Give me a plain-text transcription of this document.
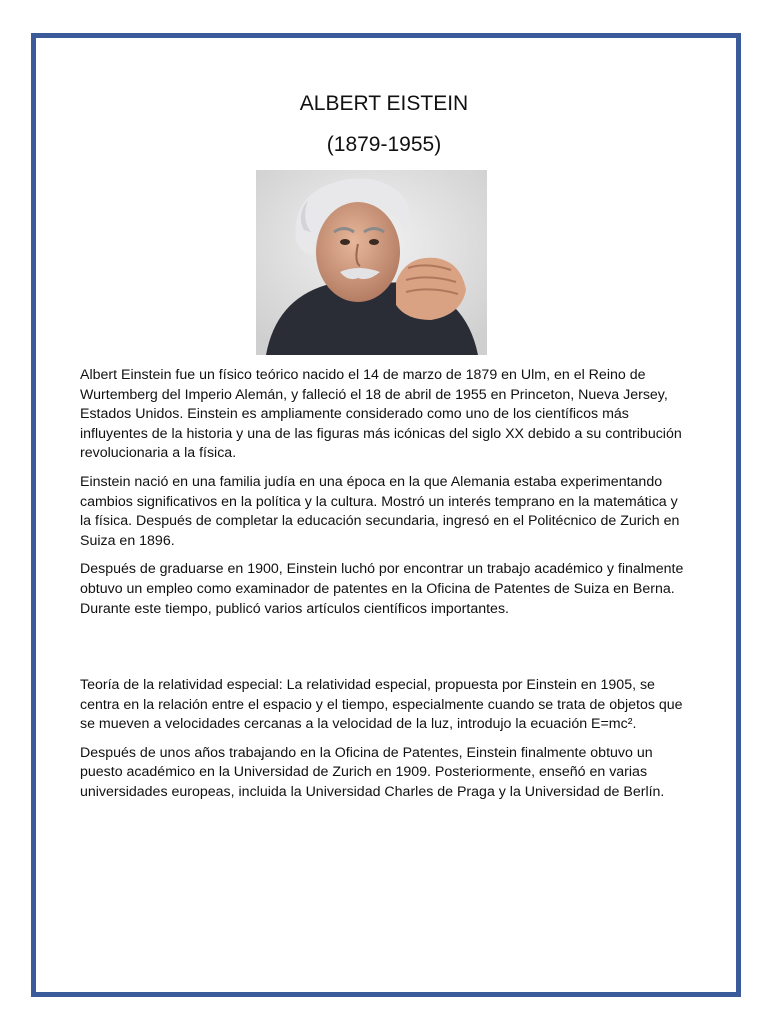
ALBERT EISTEIN
(1879-1955)

Albert Einstein fue un físico teórico nacido el 14 de marzo de 1879 en Ulm, en el Reino de Wurtemberg del Imperio Alemán, y falleció el 18 de abril de 1955 en Princeton, Nueva Jersey, Estados Unidos. Einstein es ampliamente considerado como uno de los científicos más influyentes de la historia y una de las figuras más icónicas del siglo XX debido a su contribución revolucionaria a la física.

Einstein nació en una familia judía en una época en la que Alemania estaba experimentando cambios significativos en la política y la cultura. Mostró un interés temprano en la matemática y la física. Después de completar la educación secundaria, ingresó en el Politécnico de Zurich en Suiza en 1896.

Después de graduarse en 1900, Einstein luchó por encontrar un trabajo académico y finalmente obtuvo un empleo como examinador de patentes en la Oficina de Patentes de Suiza en Berna. Durante este tiempo, publicó varios artículos científicos importantes.

Teoría de la relatividad especial: La relatividad especial, propuesta por Einstein en 1905, se centra en la relación entre el espacio y el tiempo, especialmente cuando se trata de objetos que se mueven a velocidades cercanas a la velocidad de la luz, introdujo la ecuación E=mc².

Después de unos años trabajando en la Oficina de Patentes, Einstein finalmente obtuvo un puesto académico en la Universidad de Zurich en 1909. Posteriormente, enseñó en varias universidades europeas, incluida la Universidad Charles de Praga y la Universidad de Berlín.
